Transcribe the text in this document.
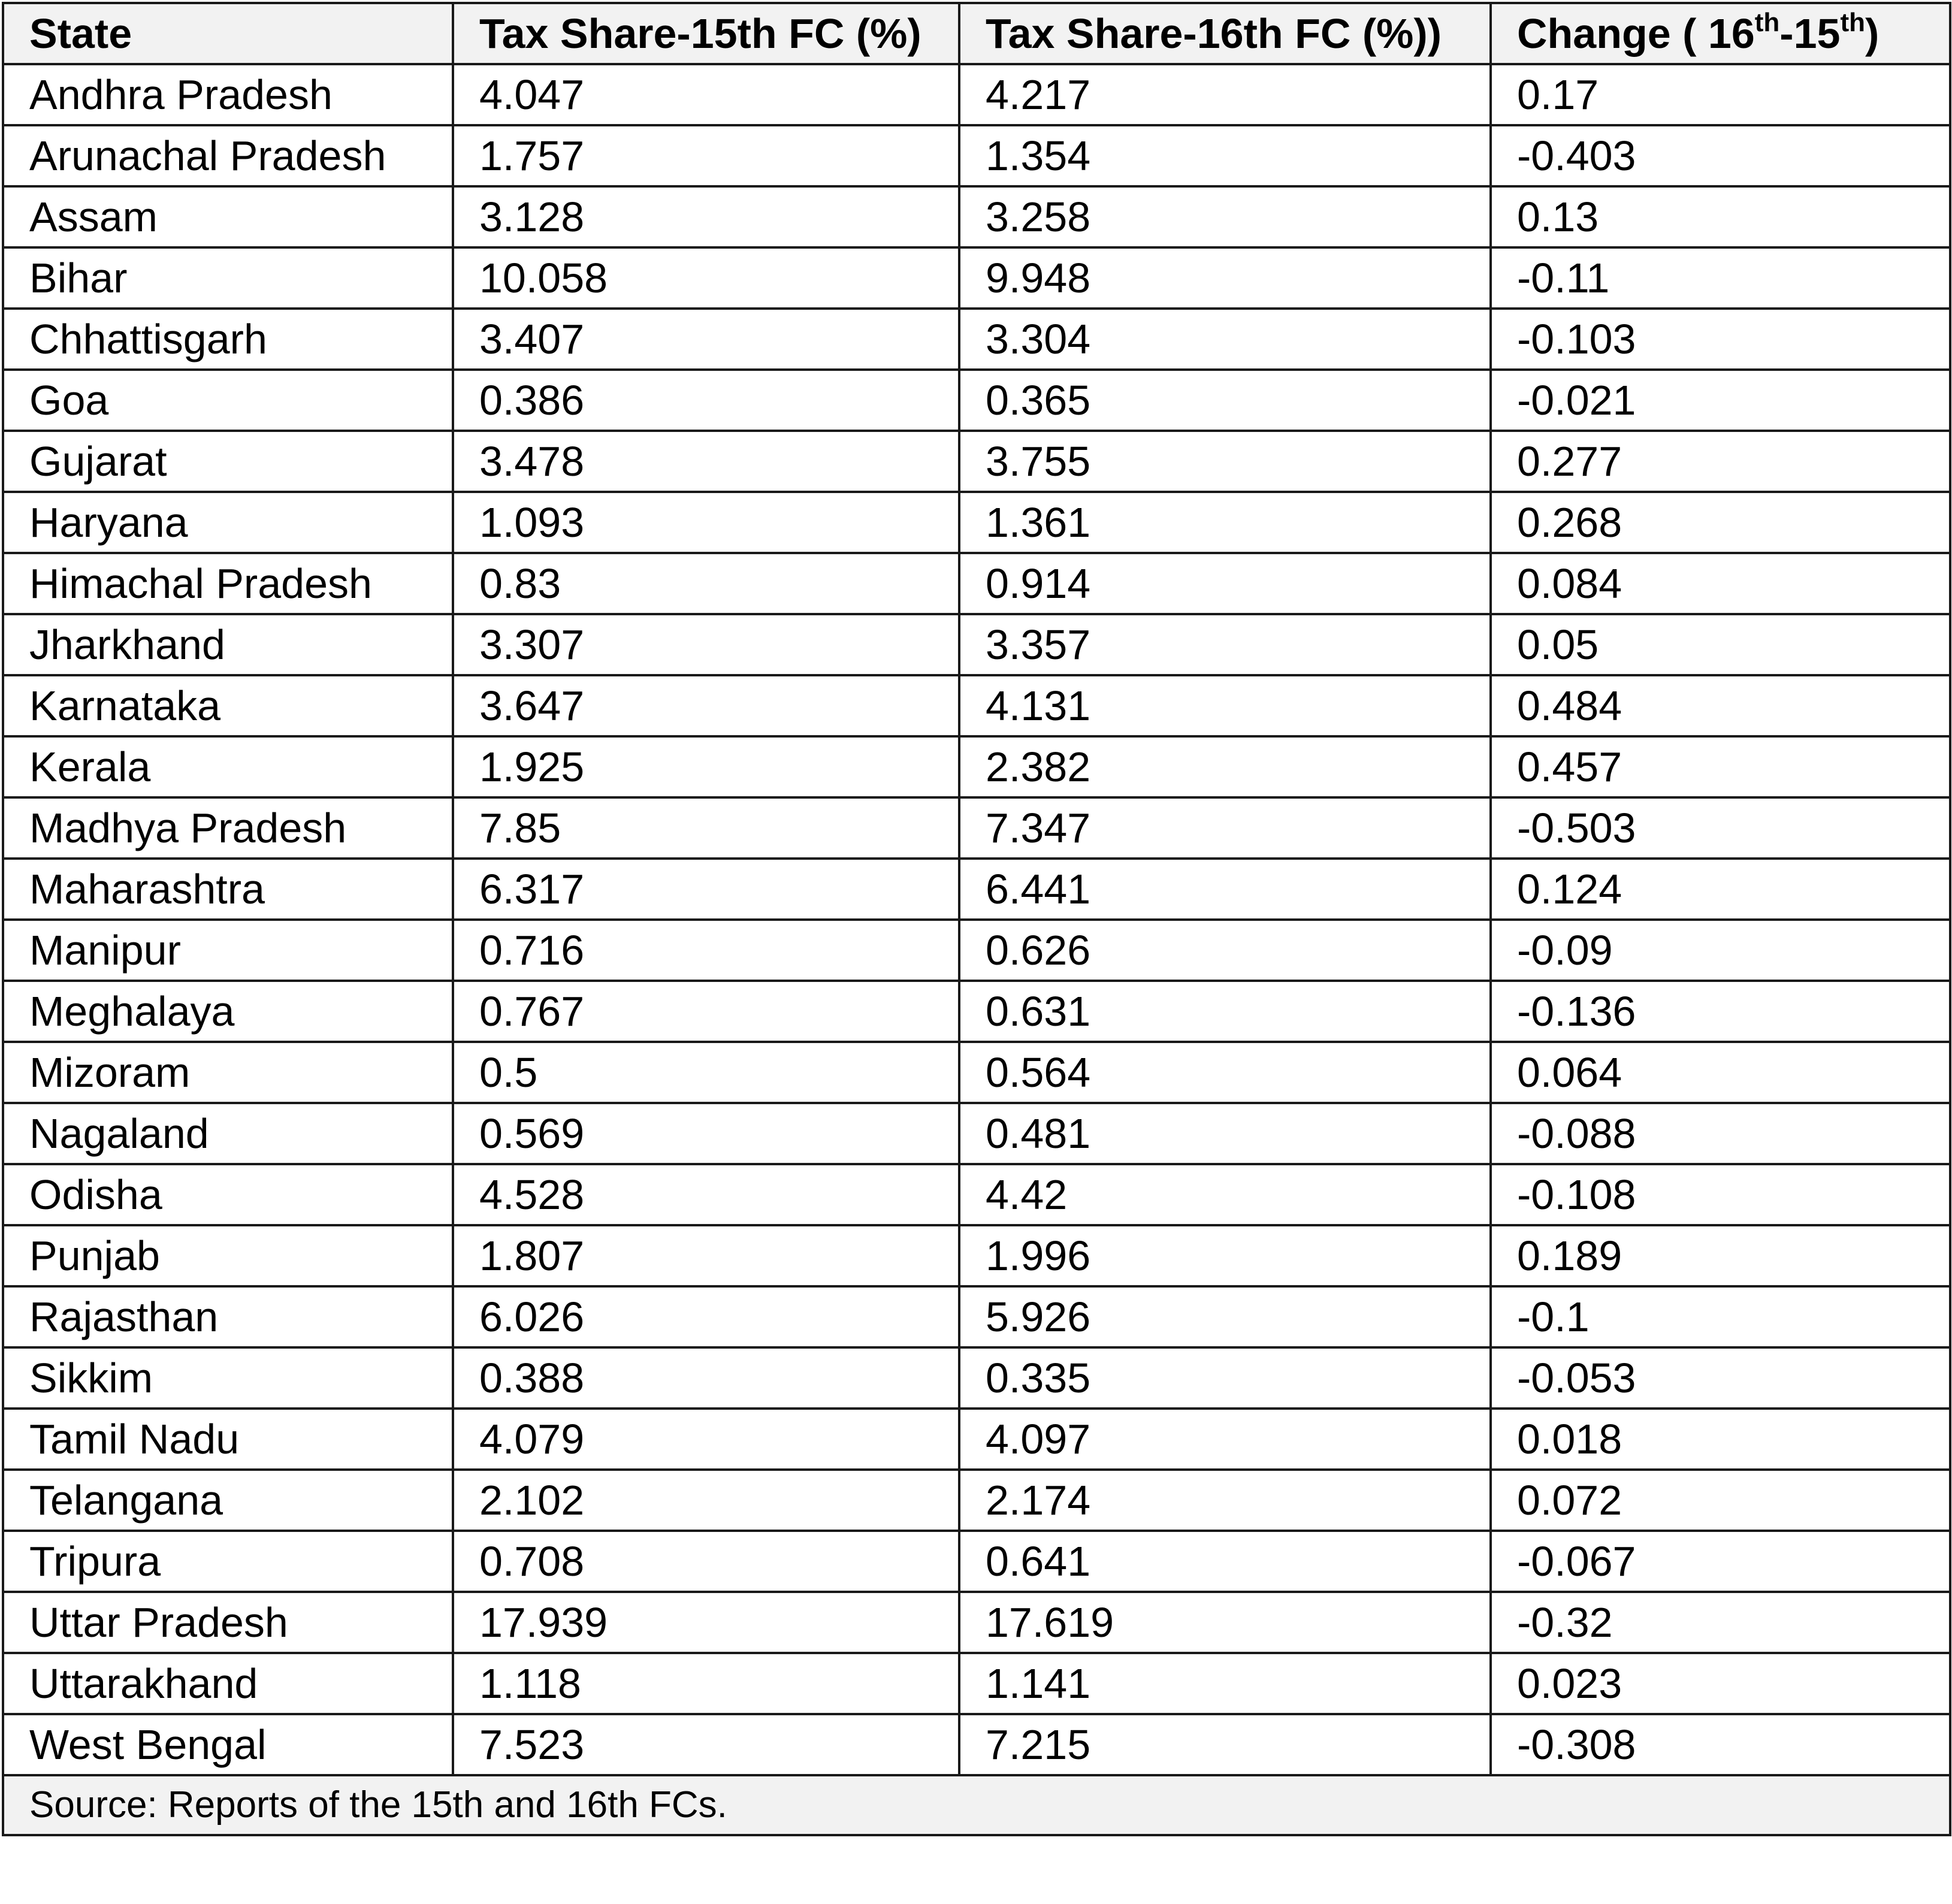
State	Tax Share-15th FC (%)	Tax Share-16th FC (%))	Change ( 16th-15th)
Andhra Pradesh	4.047	4.217	0.17
Arunachal Pradesh	1.757	1.354	-0.403
Assam	3.128	3.258	0.13
Bihar	10.058	9.948	-0.11
Chhattisgarh	3.407	3.304	-0.103
Goa	0.386	0.365	-0.021
Gujarat	3.478	3.755	0.277
Haryana	1.093	1.361	0.268
Himachal Pradesh	0.83	0.914	0.084
Jharkhand	3.307	3.357	0.05
Karnataka	3.647	4.131	0.484
Kerala	1.925	2.382	0.457
Madhya Pradesh	7.85	7.347	-0.503
Maharashtra	6.317	6.441	0.124
Manipur	0.716	0.626	-0.09
Meghalaya	0.767	0.631	-0.136
Mizoram	0.5	0.564	0.064
Nagaland	0.569	0.481	-0.088
Odisha	4.528	4.42	-0.108
Punjab	1.807	1.996	0.189
Rajasthan	6.026	5.926	-0.1
Sikkim	0.388	0.335	-0.053
Tamil Nadu	4.079	4.097	0.018
Telangana	2.102	2.174	0.072
Tripura	0.708	0.641	-0.067
Uttar Pradesh	17.939	17.619	-0.32
Uttarakhand	1.118	1.141	0.023
West Bengal	7.523	7.215	-0.308
Source: Reports of the 15th and 16th FCs.			
